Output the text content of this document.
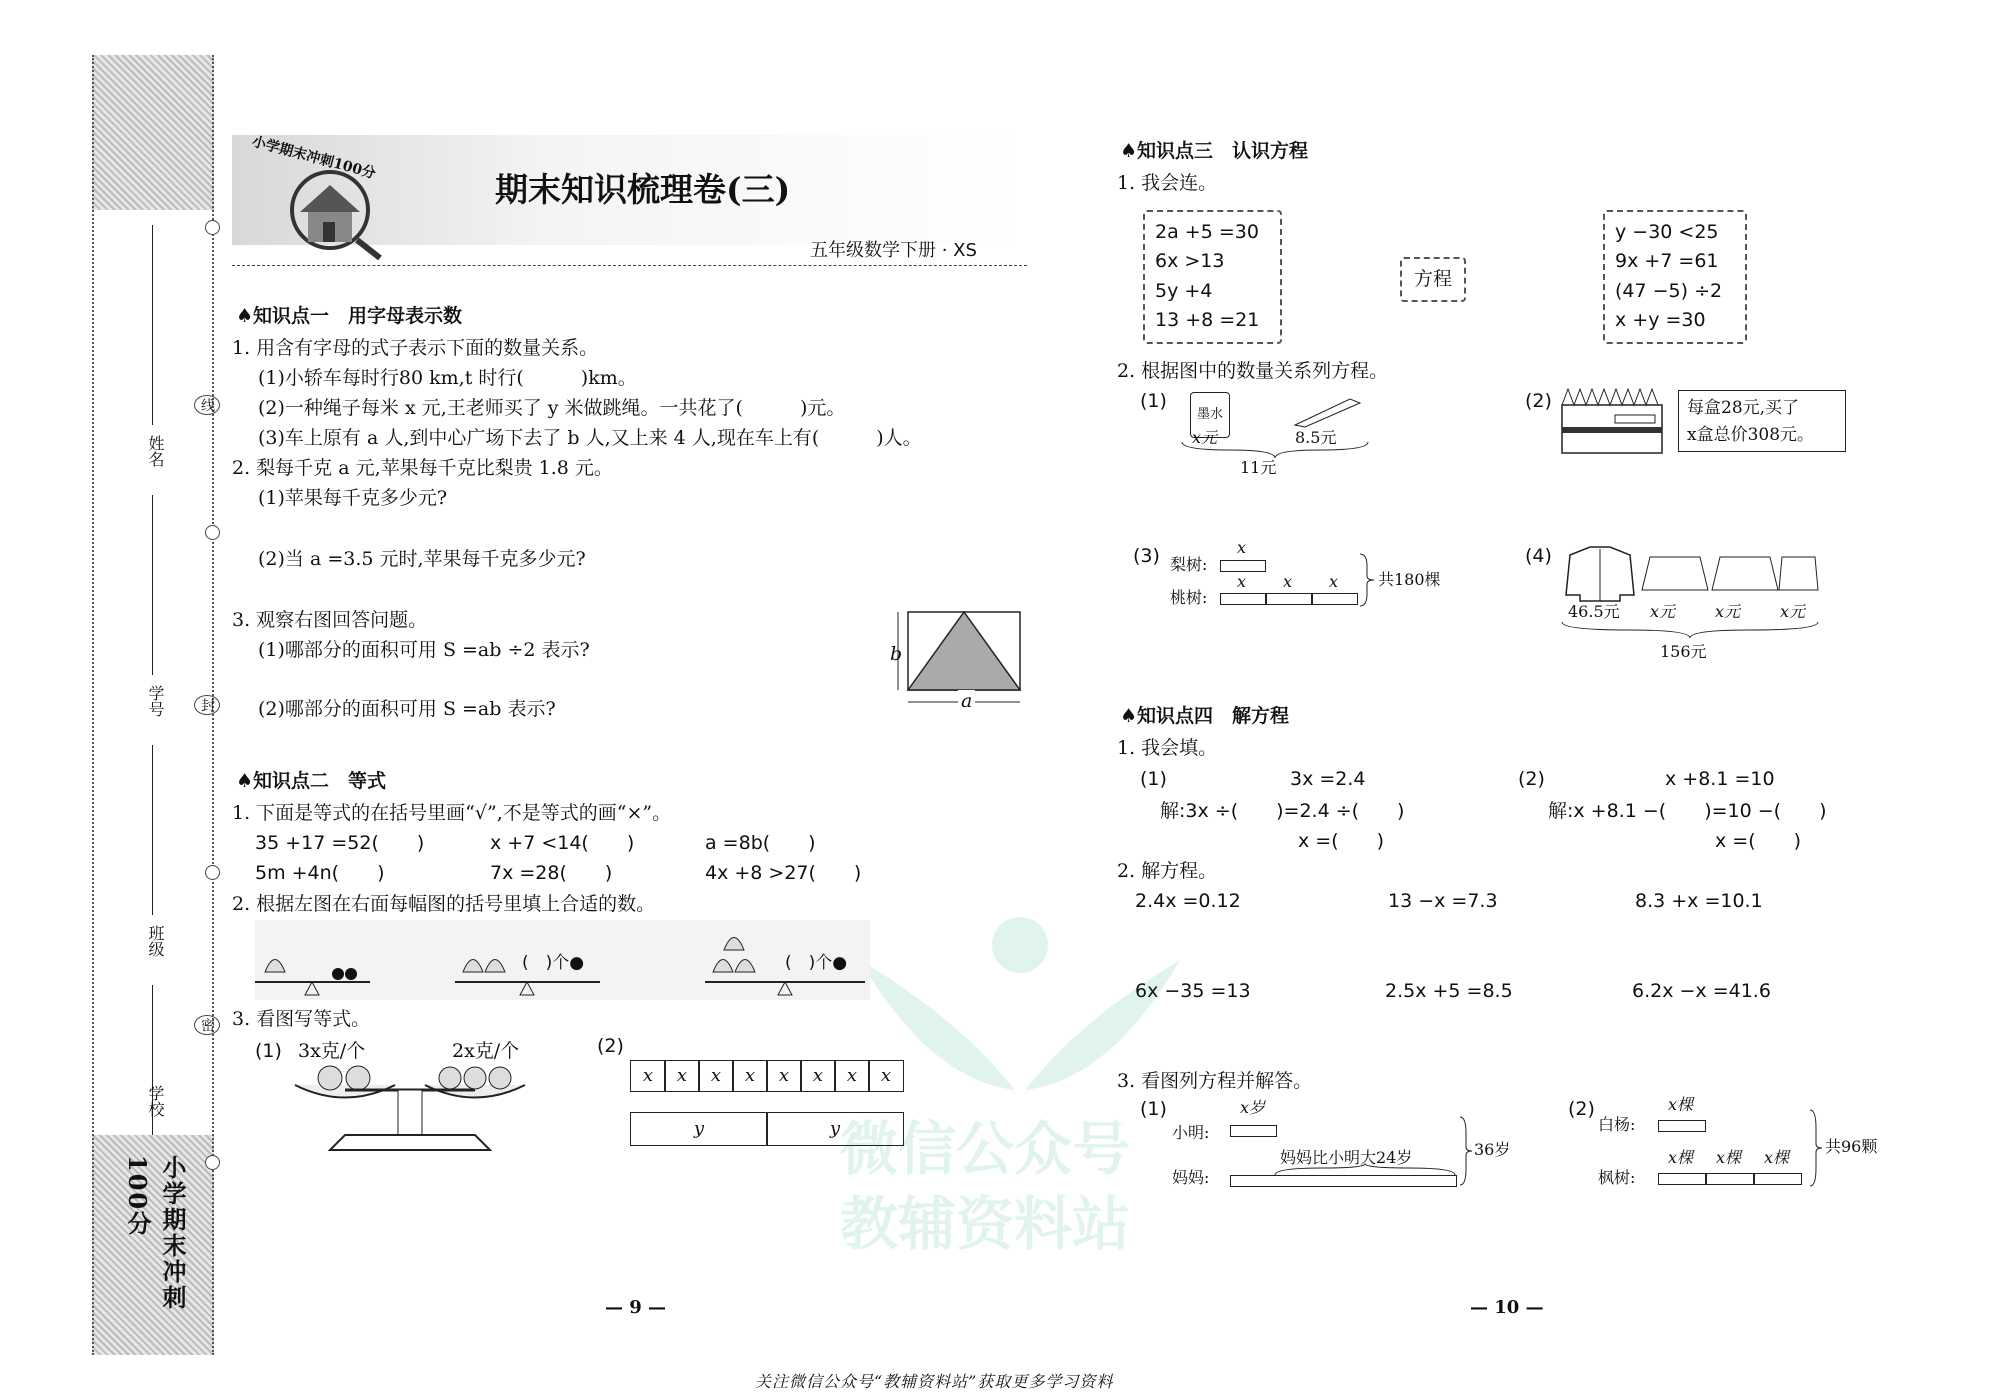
小学期末冲刺100分
姓名
学号
班级
学校
线
封
密
微信公众号
教辅资料站
小学期末冲刺100分
期末知识梳理卷(三)
五年级数学下册 · XS
♠知识点一　用字母表示数
1. 用含有字母的式子表示下面的数量关系。
(1)小轿车每时行80 km,t 时行(　　　)km。
(2)一种绳子每米 x 元,王老师买了 y 米做跳绳。一共花了(　　　)元。
(3)车上原有 a 人,到中心广场下去了 b 人,又上来 4 人,现在车上有(　　　)人。
2. 梨每千克 a 元,苹果每千克比梨贵 1.8 元。
(1)苹果每千克多少元?
(2)当 a =3.5 元时,苹果每千克多少元?
3. 观察右图回答问题。
(1)哪部分的面积可用 S =ab ÷2 表示?
(2)哪部分的面积可用 S =ab 表示?
b
a
♠知识点二　等式
1. 下面是等式的在括号里画“√”,不是等式的画“×”。
35 +17 =52(　　)	x +7 <14(　　)	a =8b(　　)
5m +4n(　　)	7x =28(　　)	4x +8 >27(　　)
2. 根据左图在右面每幅图的括号里填上合适的数。
(　)个●	(　)个●
3. 看图写等式。
(1) 3x克/个	2x克/个	(2)
x	x	x	x	x	x	x	x
y	y
— 9 —
♠知识点三　认识方程
1. 我会连。
2a +5 =30
6x >13
5y +4
13 +8 =21
方程
y −30 <25
9x +7 =61
(47 −5) ÷2
x +y =30
2. 根据图中的数量关系列方程。
(1)
墨水
x元	8.5元
11元
(2)	每盒28元,买了
x盒总价308元。
(3) 梨树:
桃树:
x
x x x 共180棵
(4)
46.5元 x元 x元 x元
156元
♠知识点四　解方程
1. 我会填。
(1)	3x =2.4
解:3x ÷(　　)=2.4 ÷(　　)
x =(　　)
(2)	x +8.1 =10
解:x +8.1 −(　　)=10 −(　　)
x =(　　)
2. 解方程。
2.4x =0.12	13 −x =7.3	8.3 +x =10.1
6x −35 =13	2.5x +5 =8.5	6.2x −x =41.6
3. 看图列方程并解答。
(1)	x岁
小明:
妈妈:
妈妈比小明大24岁	36岁
(2)	x棵
白杨:
x棵 x棵 x棵
枫树:
共96颗
— 10 —
关注微信公众号“教辅资料站”获取更多学习资料
